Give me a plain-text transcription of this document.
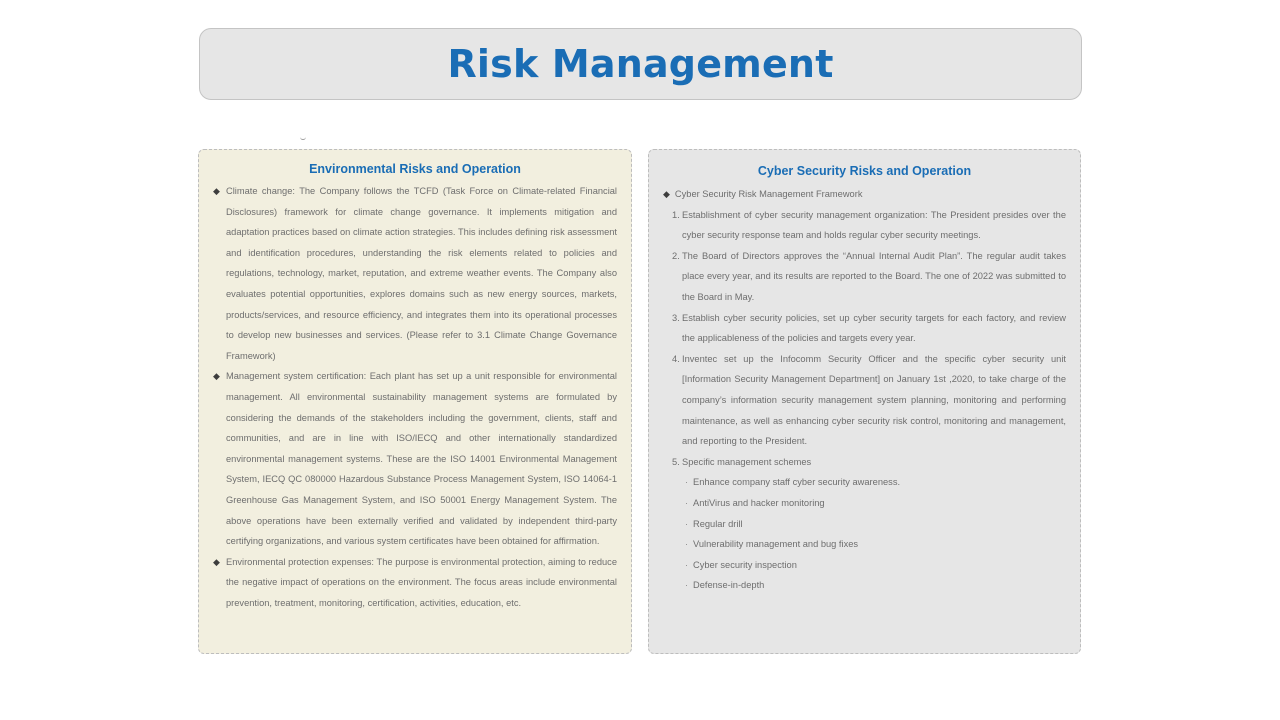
Risk Management
Environmental Risks and Operation

◆ Climate change: The Company follows the TCFD (Task Force on Climate-related Financial Disclosures) framework for climate change governance. It implements mitigation and adaptation practices based on climate action strategies. This includes defining risk assessment and identification procedures, understanding the risk elements related to policies and regulations, technology, market, reputation, and extreme weather events. The Company also evaluates potential opportunities, explores domains such as new energy sources, markets, products/services, and resource efficiency, and integrates them into its operational processes to develop new businesses and services. (Please refer to 3.1 Climate Change Governance Framework)

◆ Management system certification: Each plant has set up a unit responsible for environmental management. All environmental sustainability management systems are formulated by considering the demands of the stakeholders including the government, clients, staff and communities, and are in line with ISO/IECQ and other internationally standardized environmental management systems. These are the ISO 14001 Environmental Management System, IECQ QC 080000 Hazardous Substance Process Management System, ISO 14064-1 Greenhouse Gas Management System, and ISO 50001 Energy Management System. The above operations have been externally verified and validated by independent third-party certifying organizations, and various system certificates have been obtained for affirmation.

◆ Environmental protection expenses: The purpose is environmental protection, aiming to reduce the negative impact of operations on the environment. The focus areas include environmental prevention, treatment, monitoring, certification, activities, education, etc.

Cyber Security Risks and Operation

◆ Cyber Security Risk Management Framework

1. Establishment of cyber security management organization: The President presides over the cyber security response team and holds regular cyber security meetings.

2. The Board of Directors approves the “Annual Internal Audit Plan”. The regular audit takes place every year, and its results are reported to the Board. The one of 2022 was submitted to the Board in May.

3. Establish cyber security policies, set up cyber security targets for each factory, and review the applicableness of the policies and targets every year.

4. Inventec set up the Infocomm Security Officer and the specific cyber security unit [Information Security Management Department] on January 1st ,2020, to take charge of the company’s information security management system planning, monitoring and performing maintenance, as well as enhancing cyber security risk control, monitoring and management, and reporting to the President.

5. Specific management schemes

· Enhance company staff cyber security awareness.

· AntiVirus and hacker monitoring

· Regular drill

· Vulnerability management and bug fixes

· Cyber security inspection

· Defense-in-depth
